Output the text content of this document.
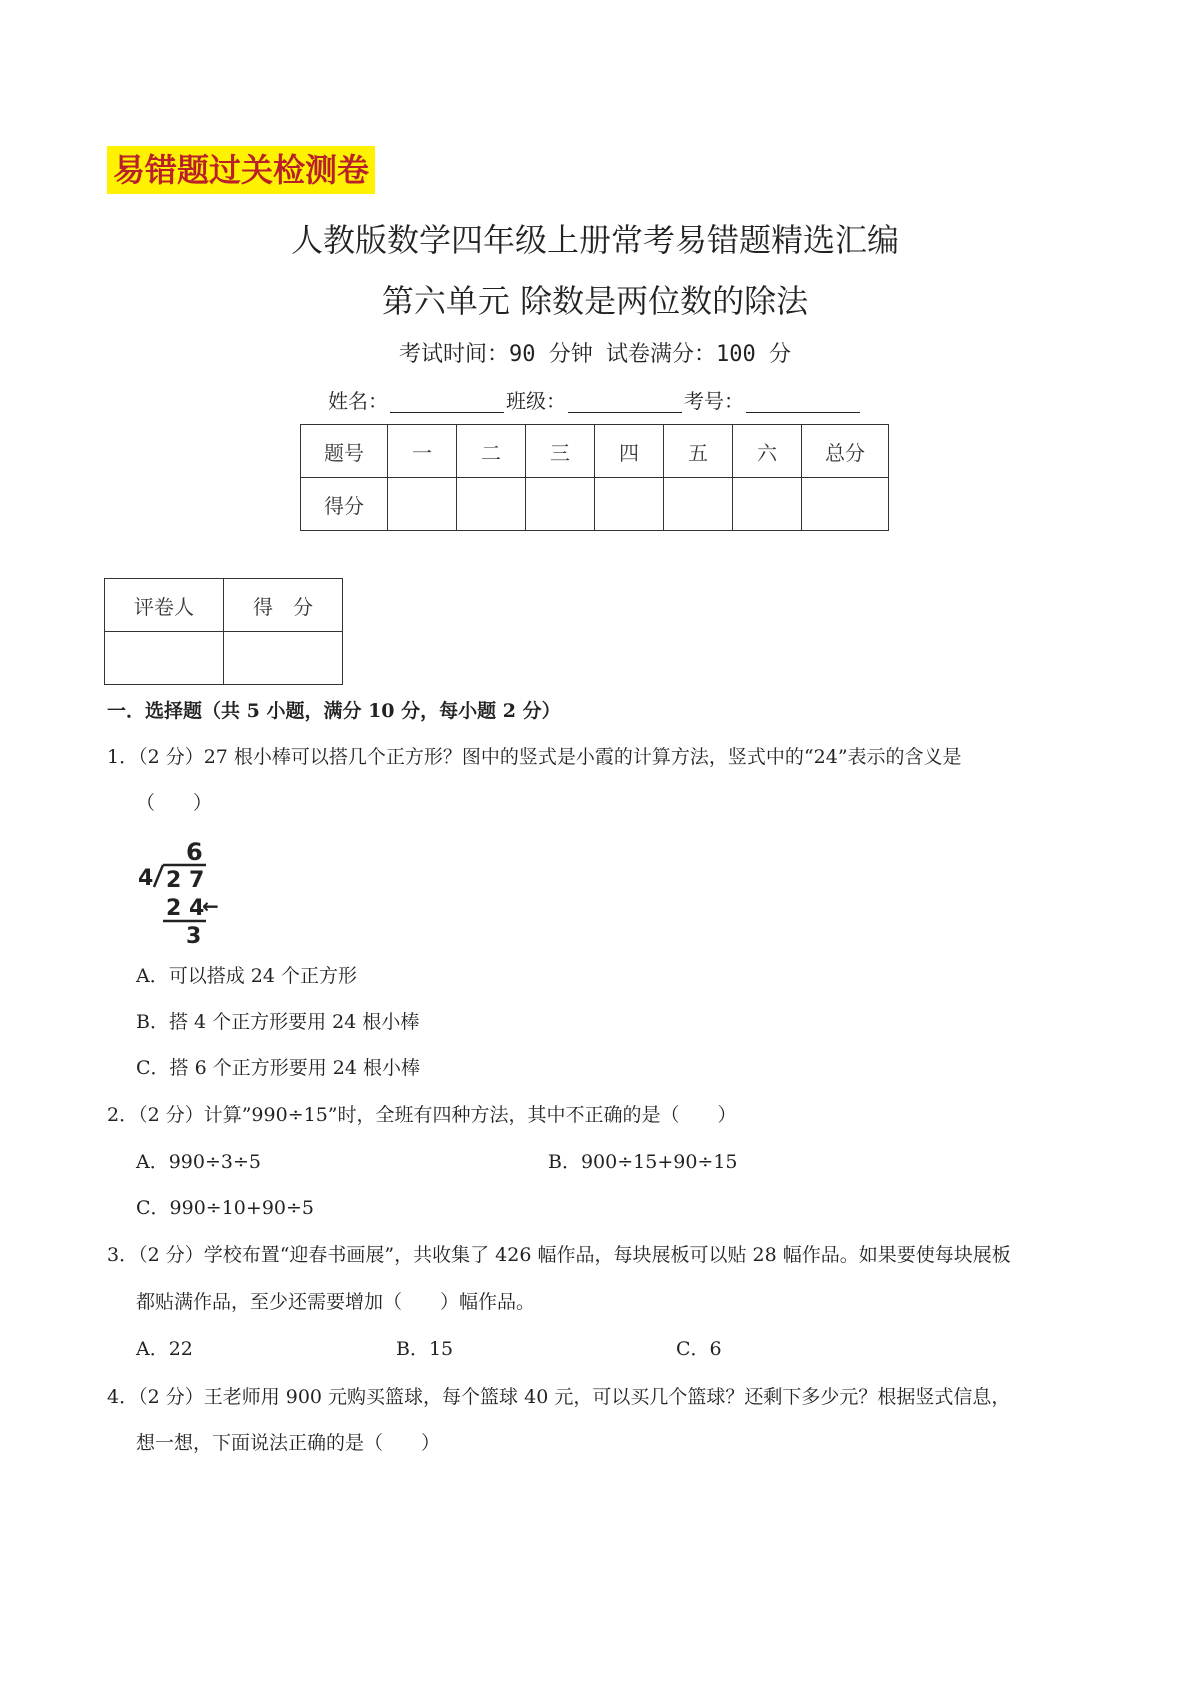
易错题过关检测卷
人教版数学四年级上册常考易错题精选汇编
第六单元 除数是两位数的除法
考试时间：90 分钟 试卷满分：100 分
姓名：	班级：	考号：
题号	一	二	三	四	五	六	总分
得分							
评卷人	得　分

一．选择题（共 5 小题，满分 10 分，每小题 2 分）
1．（2 分）27 根小棒可以搭几个正方形？图中的竖式是小霞的计算方法，竖式中的“24”表示的含义是
（　　）
6
4 2 7
2 4
←
3
A．可以搭成 24 个正方形
B．搭 4 个正方形要用 24 根小棒
C．搭 6 个正方形要用 24 根小棒
2．（2 分）计算”990÷15”时，全班有四种方法，其中不正确的是（　　）
A．990÷3÷5	B．900÷15+90÷15
C．990÷10+90÷5
3．（2 分）学校布置“迎春书画展”，共收集了 426 幅作品，每块展板可以贴 28 幅作品。如果要使每块展板
都贴满作品，至少还需要增加（　　）幅作品。
A．22	B．15	C．6
4．（2 分）王老师用 900 元购买篮球，每个篮球 40 元，可以买几个篮球？还剩下多少元？根据竖式信息，
想一想，下面说法正确的是（　　）
